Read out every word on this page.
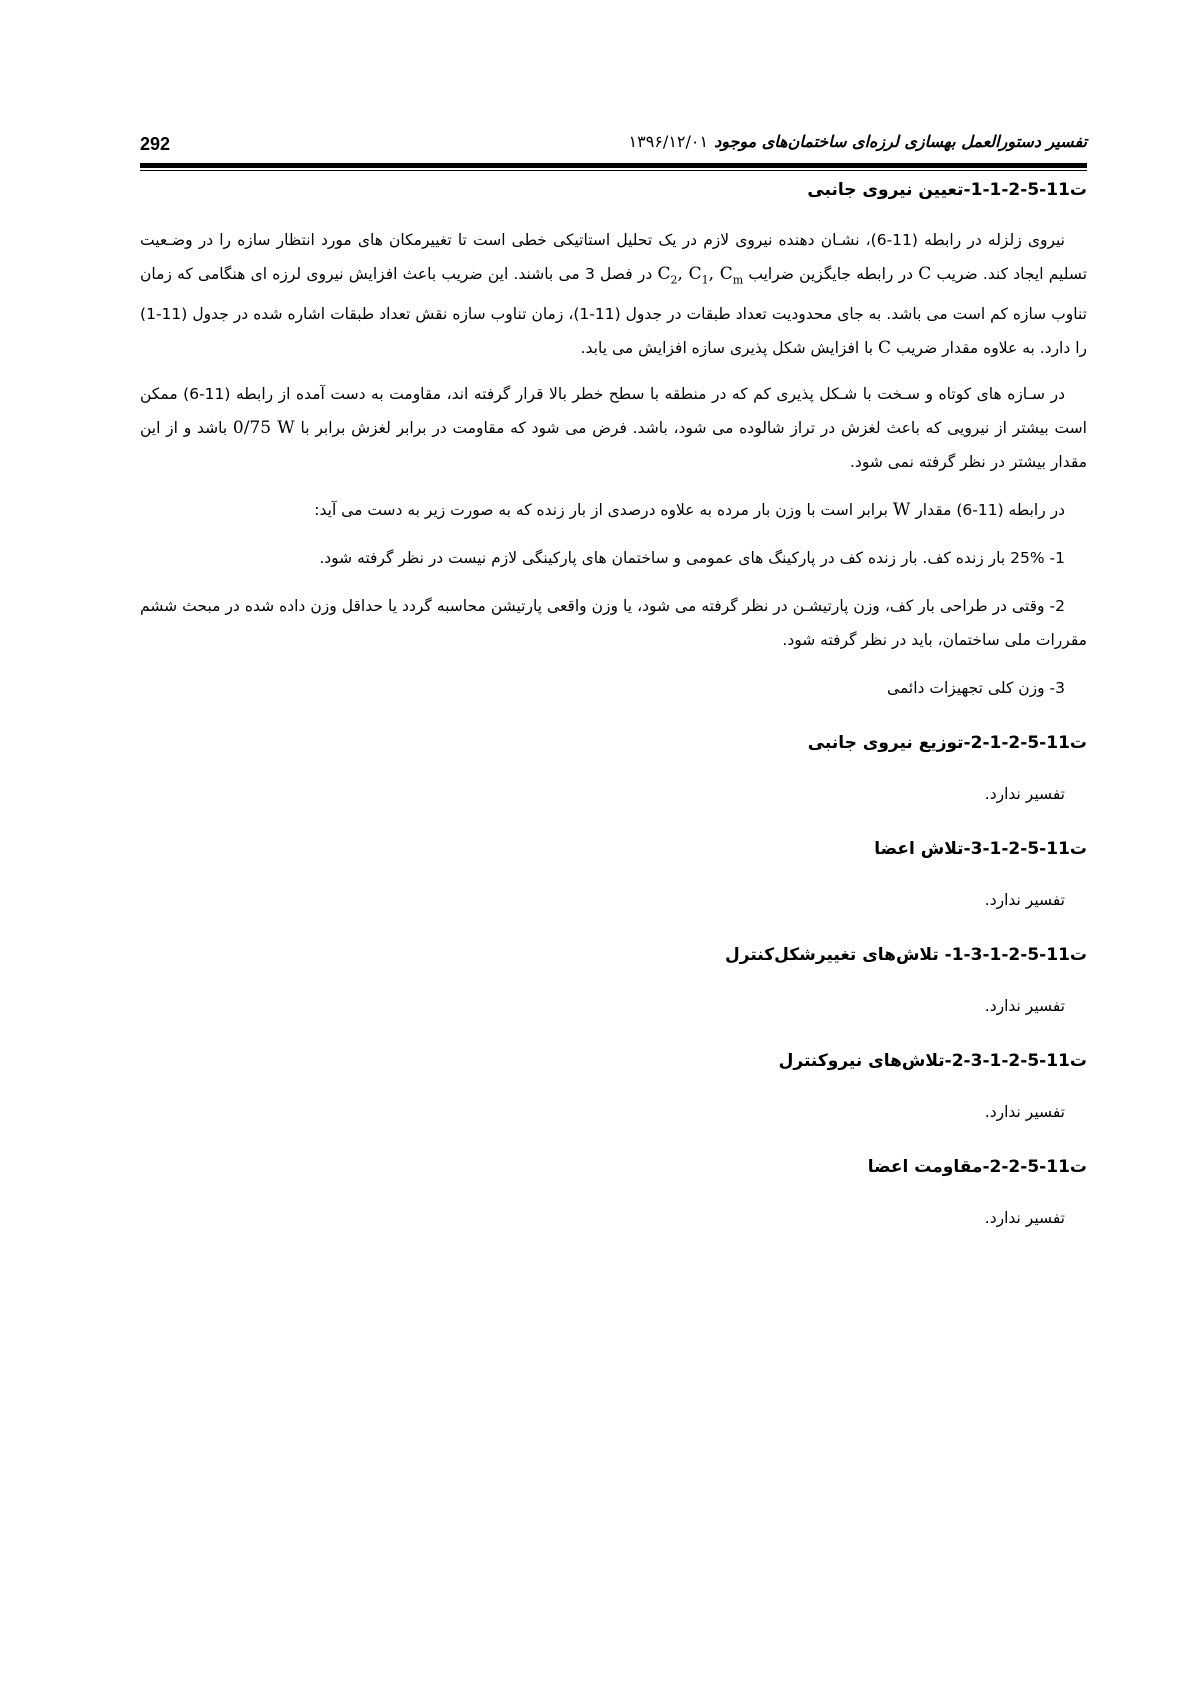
292	تفسیر دستورالعمل بهسازی لرزه‌ای ساختمان‌های موجود۱۳۹۶/۱۲/۰۱
ت11-5-2-1-1-تعیین نیروی جانبی

نیروی زلزله در رابطه (11-6)، نشـان دهنده نیروی لازم در یک تحلیل استاتیکی خطی است تا تغییرمکان های مورد انتظار سازه را در وضـعیت تسلیم ایجاد کند. ضریب C در رابطه جایگزین ضرایب $C_2$, $C_1$, $C_m$ در فصل 3 می باشند. این ضریب باعث افزایش نیروی لرزه ای هنگامی که زمان تناوب سازه کم است می باشد. به جای محدودیت تعداد طبقات در جدول (11-1)، زمان تناوب سازه نقش تعداد طبقات اشاره شده در جدول (11-1) را دارد. به علاوه مقدار ضریب C با افزایش شکل پذیری سازه افزایش می یابد.

در سـازه های کوتاه و سـخت با شـکل پذیری کم که در منطقه با سطح خطر بالا قرار گرفته اند، مقاومت به دست آمده از رابطه (11-6) ممکن است بیشتر از نیرویی که باعث لغزش در تراز شالوده می شود، باشد. فرض می شود که مقاومت در برابر لغزش برابر با 0/75 W باشد و از این مقدار بیشتر در نظر گرفته نمی شود.

در رابطه (11-6) مقدار W برابر است با وزن بار مرده به علاوه درصدی از بار زنده که به صورت زیر به دست می آید:

1- 25% بار زنده کف. بار زنده کف در پارکینگ های عمومی و ساختمان های پارکینگی لازم نیست در نظر گرفته شود.

2- وقتی در طراحی بار کف، وزن پارتیشـن در نظر گرفته می شود، یا وزن واقعی پارتیشن محاسبه گردد یا حداقل وزن داده شده در مبحث ششم مقررات ملی ساختمان، باید در نظر گرفته شود.

3- وزن کلی تجهیزات دائمی

ت11-5-2-1-2-توزیع نیروی جانبی

تفسیر ندارد.

ت11-5-2-1-3-تلاش اعضا

تفسیر ندارد.

ت11-5-2-1-3-1- تلاش‌های تغییرشکل‌کنترل

تفسیر ندارد.

ت11-5-2-1-3-2-تلاش‌های نیروکنترل

تفسیر ندارد.

ت11-5-2-2-مقاومت اعضا

تفسیر ندارد.
